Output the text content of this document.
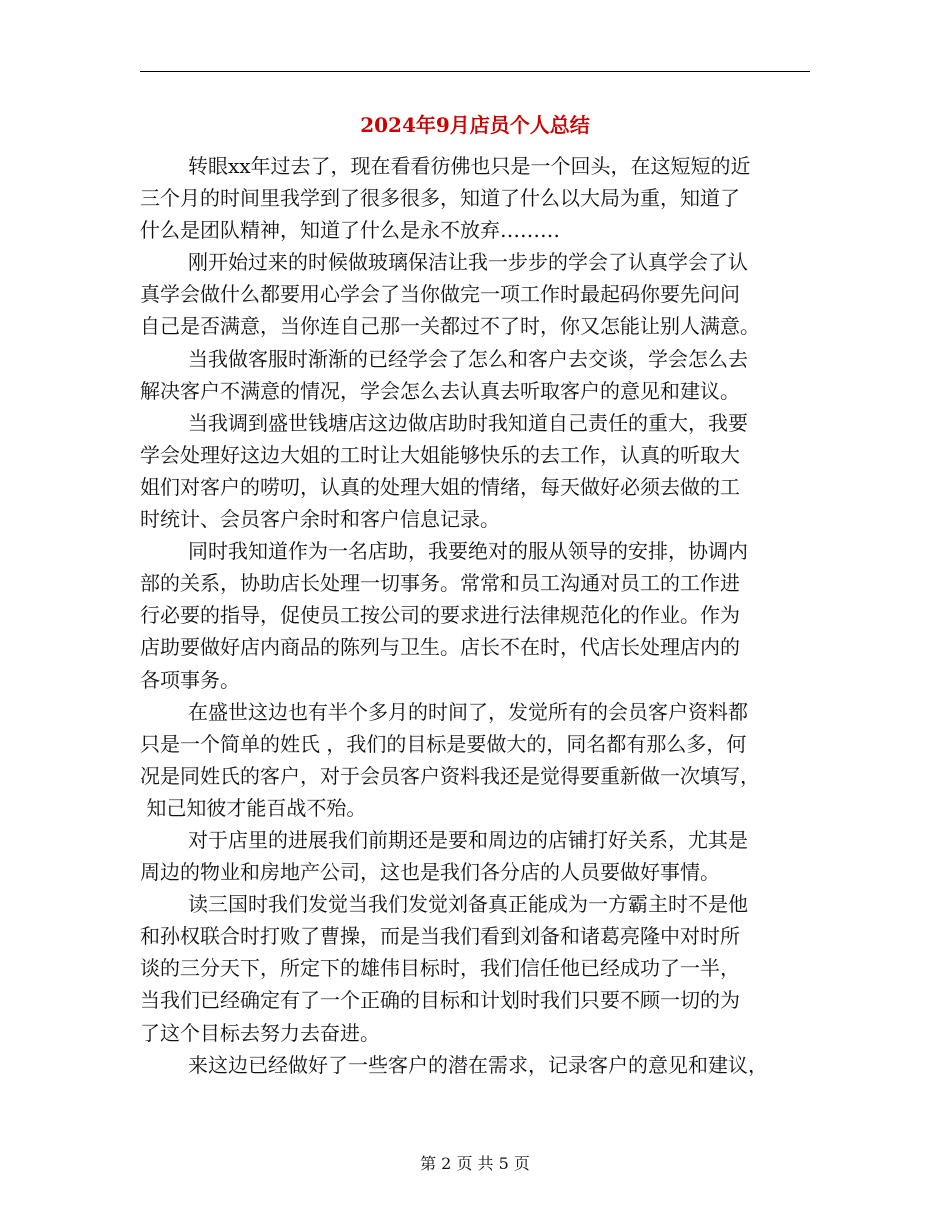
2024年9月店员个人总结
转眼xx年过去了，现在看看彷佛也只是一个回头，在这短短的近
三个月的时间里我学到了很多很多，知道了什么以大局为重，知道了
什么是团队精神，知道了什么是永不放弃………
刚开始过来的时候做玻璃保洁让我一步步的学会了认真学会了认
真学会做什么都要用心学会了当你做完一项工作时最起码你要先问问
自己是否满意，当你连自己那一关都过不了时，你又怎能让别人满意。
当我做客服时渐渐的已经学会了怎么和客户去交谈，学会怎么去
解决客户不满意的情况，学会怎么去认真去听取客户的意见和建议。
当我调到盛世钱塘店这边做店助时我知道自己责任的重大，我要
学会处理好这边大姐的工时让大姐能够快乐的去工作，认真的听取大
姐们对客户的唠叨，认真的处理大姐的情绪，每天做好必须去做的工
时统计、会员客户余时和客户信息记录。
同时我知道作为一名店助，我要绝对的服从领导的安排，协调内
部的关系，协助店长处理一切事务。常常和员工沟通对员工的工作进
行必要的指导，促使员工按公司的要求进行法律规范化的作业。作为
店助要做好店内商品的陈列与卫生。店长不在时，代店长处理店内的
各项事务。
在盛世这边也有半个多月的时间了，发觉所有的会员客户资料都
只是一个简单的姓氏 ，我们的目标是要做大的，同名都有那么多，何
况是同姓氏的客户，对于会员客户资料我还是觉得要重新做一次填写，
知己知彼才能百战不殆。
对于店里的进展我们前期还是要和周边的店铺打好关系，尤其是
周边的物业和房地产公司，这也是我们各分店的人员要做好事情。
读三国时我们发觉当我们发觉刘备真正能成为一方霸主时不是他
和孙权联合时打败了曹操，而是当我们看到刘备和诸葛亮隆中对时所
谈的三分天下，所定下的雄伟目标时，我们信任他已经成功了一半，
当我们已经确定有了一个正确的目标和计划时我们只要不顾一切的为
了这个目标去努力去奋进。
来这边已经做好了一些客户的潜在需求，记录客户的意见和建议，
第 2 页 共 5 页
